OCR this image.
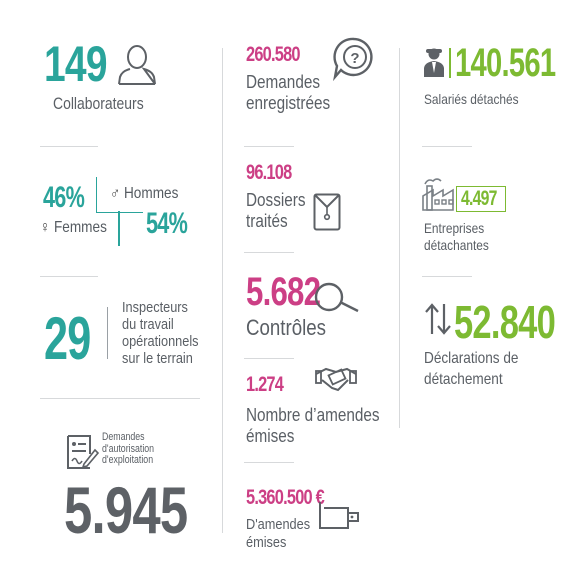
149
Collaborateurs
46% ♂ Hommes
♀ Femmes 54%
29 Inspecteurs
du travail
opérationnels
sur le terrain
Demandes
d'autorisation
d'exploitation
5.945
260.580
Demandes
enregistrées
?
96.108
Dossiers
traités
5.682
Contrôles
1.274
Nombre d’amendes
émises
5.360.500 €
D'amendes
émises
140.561
Salariés détachés
4.497
Entreprises
détachantes
52.840
Déclarations de
détachement
